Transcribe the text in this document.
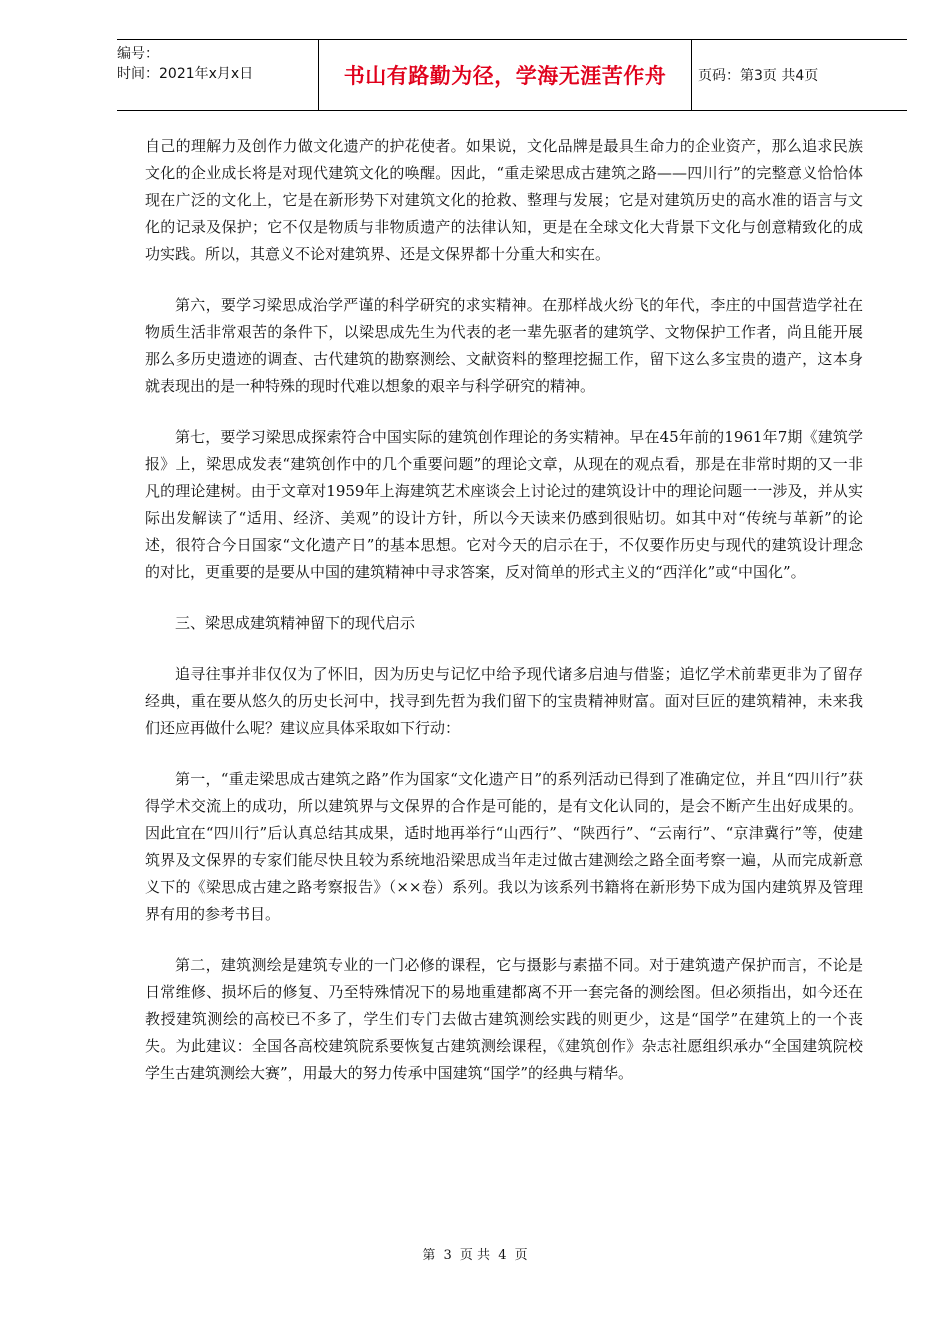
编号：
时间：2021年x月x日	书山有路勤为径，学海无涯苦作舟	页码：第3页 共4页

自己的理解力及创作力做文化遗产的护花使者。如果说，文化品牌是最具生命力的企业资产，那么追求民族文化的企业成长将是对现代建筑文化的唤醒。因此，“重走梁思成古建筑之路——四川行”的完整意义恰恰体现在广泛的文化上，它是在新形势下对建筑文化的抢救、整理与发展；它是对建筑历史的高水准的语言与文化的记录及保护；它不仅是物质与非物质遗产的法律认知，更是在全球文化大背景下文化与创意精致化的成功实践。所以，其意义不论对建筑界、还是文保界都十分重大和实在。

第六，要学习梁思成治学严谨的科学研究的求实精神。在那样战火纷飞的年代，李庄的中国营造学社在物质生活非常艰苦的条件下，以梁思成先生为代表的老一辈先驱者的建筑学、文物保护工作者，尚且能开展那么多历史遗迹的调查、古代建筑的勘察测绘、文献资料的整理挖掘工作，留下这么多宝贵的遗产，这本身就表现出的是一种特殊的现时代难以想象的艰辛与科学研究的精神。

第七，要学习梁思成探索符合中国实际的建筑创作理论的务实精神。早在45年前的1961年7期《建筑学报》上，梁思成发表“建筑创作中的几个重要问题”的理论文章，从现在的观点看，那是在非常时期的又一非凡的理论建树。由于文章对1959年上海建筑艺术座谈会上讨论过的建筑设计中的理论问题一一涉及，并从实际出发解读了“适用、经济、美观”的设计方针，所以今天读来仍感到很贴切。如其中对“传统与革新”的论述，很符合今日国家“文化遗产日”的基本思想。它对今天的启示在于，不仅要作历史与现代的建筑设计理念的对比，更重要的是要从中国的建筑精神中寻求答案，反对简单的形式主义的“西洋化”或“中国化”。

三、梁思成建筑精神留下的现代启示

追寻往事并非仅仅为了怀旧，因为历史与记忆中给予现代诸多启迪与借鉴；追忆学术前辈更非为了留存经典，重在要从悠久的历史长河中，找寻到先哲为我们留下的宝贵精神财富。面对巨匠的建筑精神，未来我们还应再做什么呢？建议应具体采取如下行动：

第一，“重走梁思成古建筑之路”作为国家“文化遗产日”的系列活动已得到了准确定位，并且“四川行”获得学术交流上的成功，所以建筑界与文保界的合作是可能的，是有文化认同的，是会不断产生出好成果的。因此宜在“四川行”后认真总结其成果，适时地再举行“山西行”、“陕西行”、“云南行”、“京津冀行”等，使建筑界及文保界的专家们能尽快且较为系统地沿梁思成当年走过做古建测绘之路全面考察一遍，从而完成新意义下的《梁思成古建之路考察报告》（××卷）系列。我以为该系列书籍将在新形势下成为国内建筑界及管理界有用的参考书目。

第二，建筑测绘是建筑专业的一门必修的课程，它与摄影与素描不同。对于建筑遗产保护而言，不论是日常维修、损坏后的修复、乃至特殊情况下的易地重建都离不开一套完备的测绘图。但必须指出，如今还在教授建筑测绘的高校已不多了，学生们专门去做古建筑测绘实践的则更少，这是“国学”在建筑上的一个丧失。为此建议：全国各高校建筑院系要恢复古建筑测绘课程，《建筑创作》杂志社愿组织承办“全国建筑院校学生古建筑测绘大赛”，用最大的努力传承中国建筑“国学”的经典与精华。

第 3 页 共 4 页
